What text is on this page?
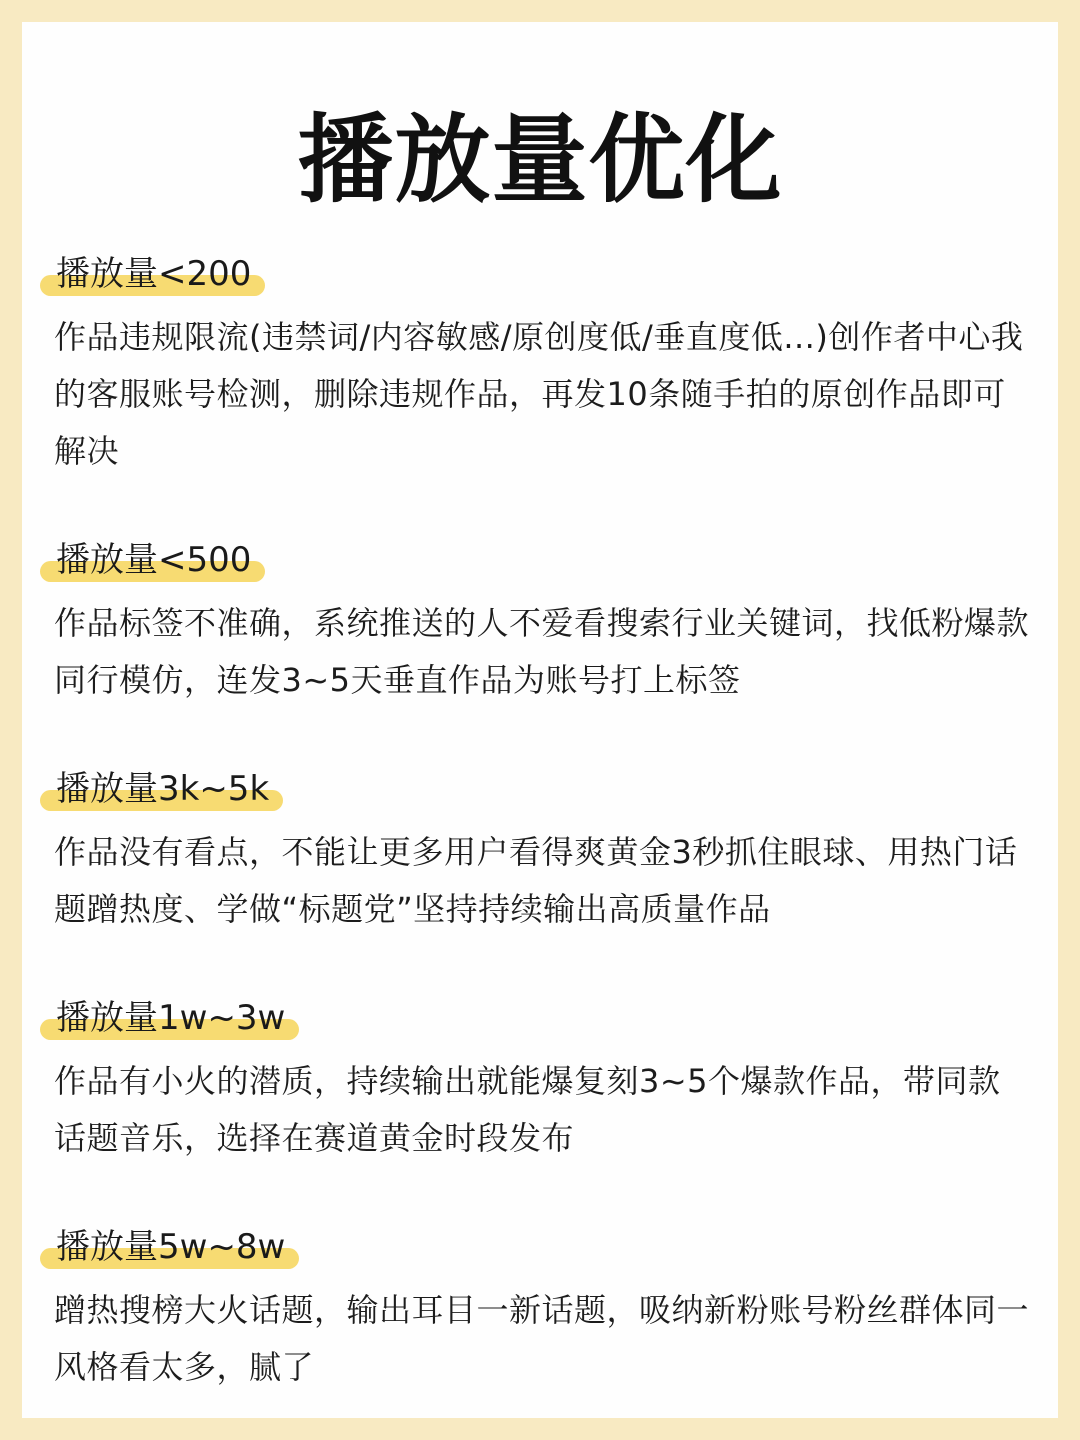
播放量优化
播放量<200
作品违规限流(违禁词/内容敏感/原创度低/垂直度低...)创作者中心我的客服账号检测，删除违规作品，再发10条随手拍的原创作品即可解决
播放量<500
作品标签不准确，系统推送的人不爱看搜索行业关键词，找低粉爆款同行模仿，连发3~5天垂直作品为账号打上标签
播放量3k~5k
作品没有看点，不能让更多用户看得爽黄金3秒抓住眼球、用热门话题蹭热度、学做“标题党”坚持持续输出高质量作品
播放量1w~3w
作品有小火的潜质，持续输出就能爆复刻3~5个爆款作品，带同款话题音乐，选择在赛道黄金时段发布
播放量5w~8w
蹭热搜榜大火话题，输出耳目一新话题，吸纳新粉账号粉丝群体同一风格看太多，腻了
